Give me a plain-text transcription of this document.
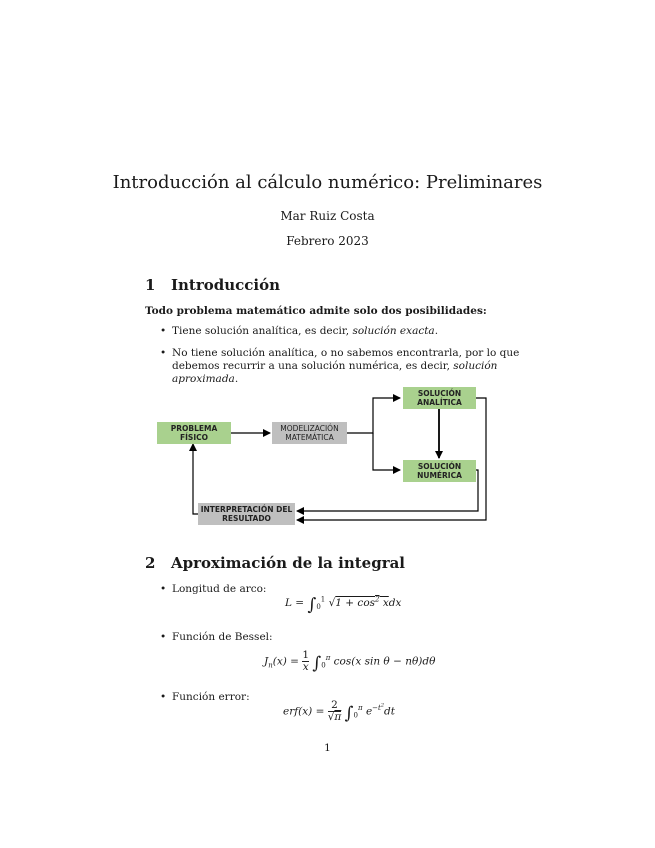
Introducción al cálculo numérico: Preliminares
Mar Ruiz Costa
Febrero 2023
1 Introducción
Todo problema matemático admite solo dos posibilidades:
• Tiene solución analítica, es decir, solución exacta.
• No tiene solución analítica, o no sabemos encontrarla, por lo que debemos recurrir a una solución numérica, es decir, solución aproximada.
PROBLEMA FÍSICO
MODELIZACIÓN MATEMÁTICA
SOLUCIÓN ANALÍTICA
SOLUCIÓN NUMÉRICA
INTERPRETACIÓN DEL RESULTADO
2 Aproximación de la integral
• Longitud de arco:
$L = \int_0^1$ $√1 + \cos^2$ xdx
• Función de Bessel:
$J_n(x) = \frac{1}{x} \int_0^\pi$ cos(x sin θ − nθ)dθ
• Función error:
$erf(x) = \frac{2}{√\pi} \int_0^\pi$ $e^{-t^2}dt$
1
